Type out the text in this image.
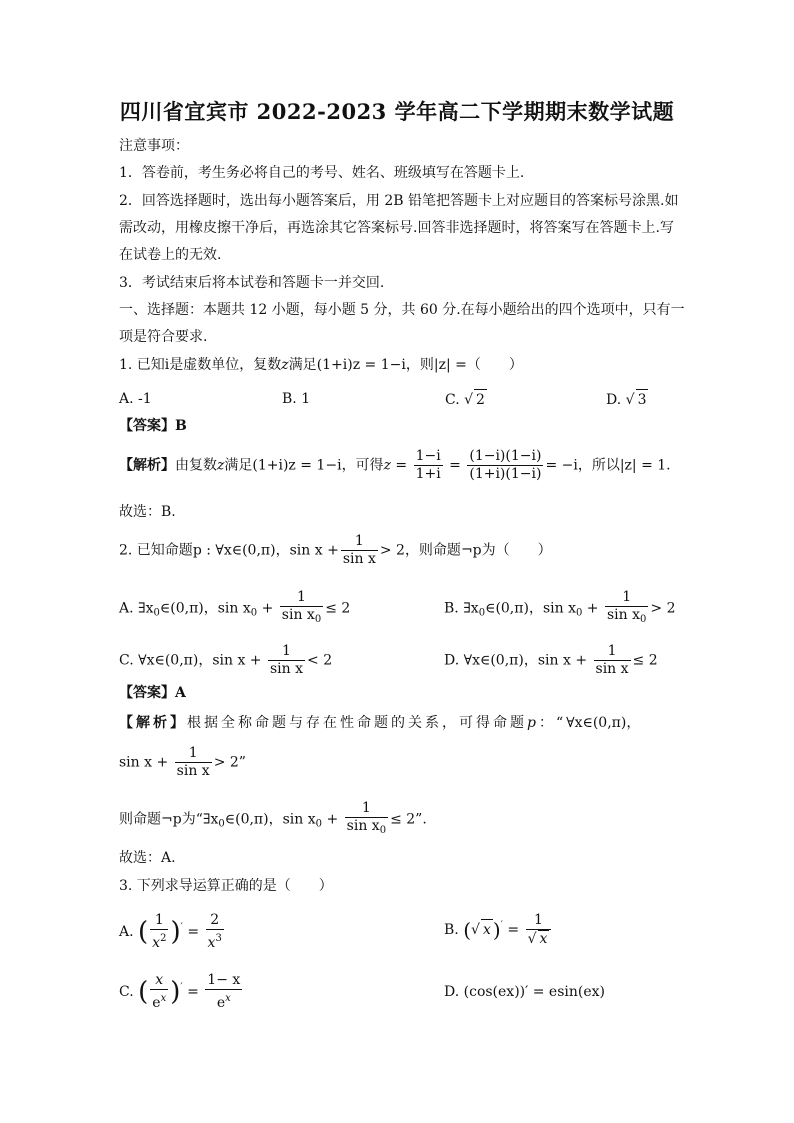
四川省宜宾市 2022-2023 学年高二下学期期末数学试题
注意事项：
1．答卷前，考生务必将自己的考号、姓名、班级填写在答题卡上.
2．回答选择题时，选出每小题答案后，用 2B 铅笔把答题卡上对应题目的答案标号涂黑.如
需改动，用橡皮擦干净后，再选涂其它答案标号.回答非选择题时，将答案写在答题卡上.写
在试卷上的无效.
3．考试结束后将本试卷和答题卡一并交回.
一、选择题：本题共 12 小题，每小题 5 分，共 60 分.在每小题给出的四个选项中，只有一
项是符合要求.
1. 已知i是虚数单位，复数z满足(1+i)z = 1−i，则|z| =（　　）
A. -1	B. 1	C. √ 2	D. √ 3
【答案】B
【解析】由复数z满足(1+i)z = 1−i，可得$z = \frac{1-i}{1+i} = \frac{(1-i)(1-i)}{(1+i)(1-i)} = -i$，所以|z| = 1.
故选：B.
2. 已知命题p : ∀x∈(0,π)，$\sin x + \frac{1}{\text{sin x}} > 2$，则命题¬p为（　　）
A. $\exists x_0\in(0,\pi)$，$\sin x_0 + \frac{1}{\sin x_0} \le 2$	B. $\exists x_0\in(0,\pi)$，$\sin x_0 + \frac{1}{\sin x_0} > 2$
C. ∀x∈(0,π)，$\sin x + \frac{1}{\text{sin x}} < 2$	D. ∀x∈(0,π)，$\sin x + \frac{1}{\text{sin x}} \le 2$
【答案】A
【解析】根据全称命题与存在性命题的关系，可得命题p：“∀x∈(0,π)，
$\sin x + \frac{1}{\text{sin x}} > 2$”
则命题¬p为“$\exists x_0\in(0,\pi)$，$\sin x_0 + \frac{1}{\sin x_0} \le 2$”.
故选：A.
3. 下列求导运算正确的是（　　）
A. ( $\frac{1}{x^2} )' = \frac{2}{x^3}$	B. (√ x )$' = \frac{1}{√ x}$
C. ( $\frac{x}{e^x} )' = \frac{1- x}{e^x}$	D. (cos(ex))′ = esin(ex)
